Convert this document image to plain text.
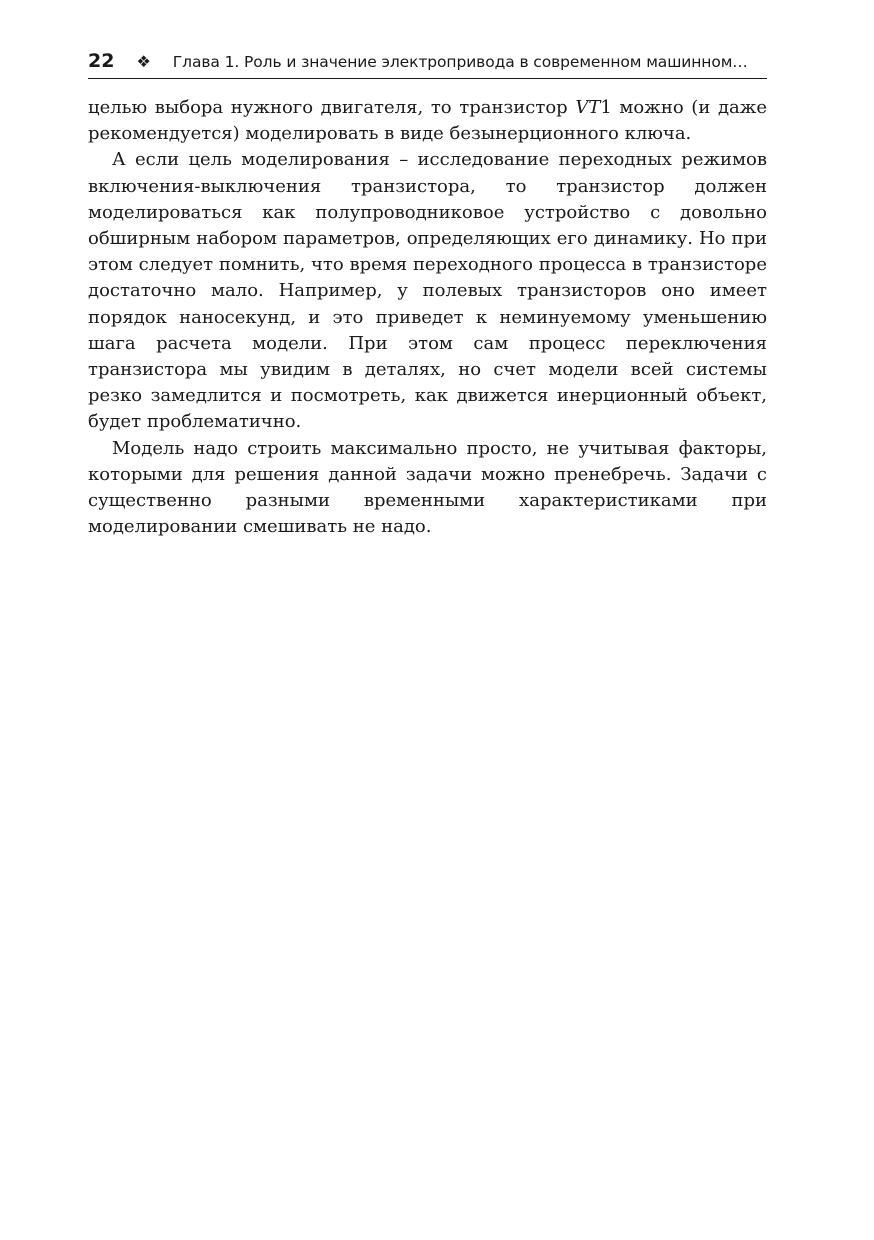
22 ❖ Глава 1. Роль и значение электропривода в современном машинном…

целью выбора нужного двигателя, то транзистор VT1 можно (и даже рекомендуется) моделировать в виде безынерционного ключа.

А если цель моделирования – исследование переходных режимов включения-выключения транзистора, то транзистор должен моделироваться как полупроводниковое устройство с довольно обширным набором параметров, определяющих его динамику. Но при этом следует помнить, что время переходного процесса в транзисторе достаточно мало. Например, у полевых транзисторов оно имеет порядок наносекунд, и это приведет к неминуемому уменьшению шага расчета модели. При этом сам процесс переключения транзистора мы увидим в деталях, но счет модели всей системы резко замедлится и посмотреть, как движется инерционный объект, будет проблематично.

Модель надо строить максимально просто, не учитывая факторы, которыми для решения данной задачи можно пренебречь. Задачи с существенно разными временными характеристиками при моделировании смешивать не надо.
